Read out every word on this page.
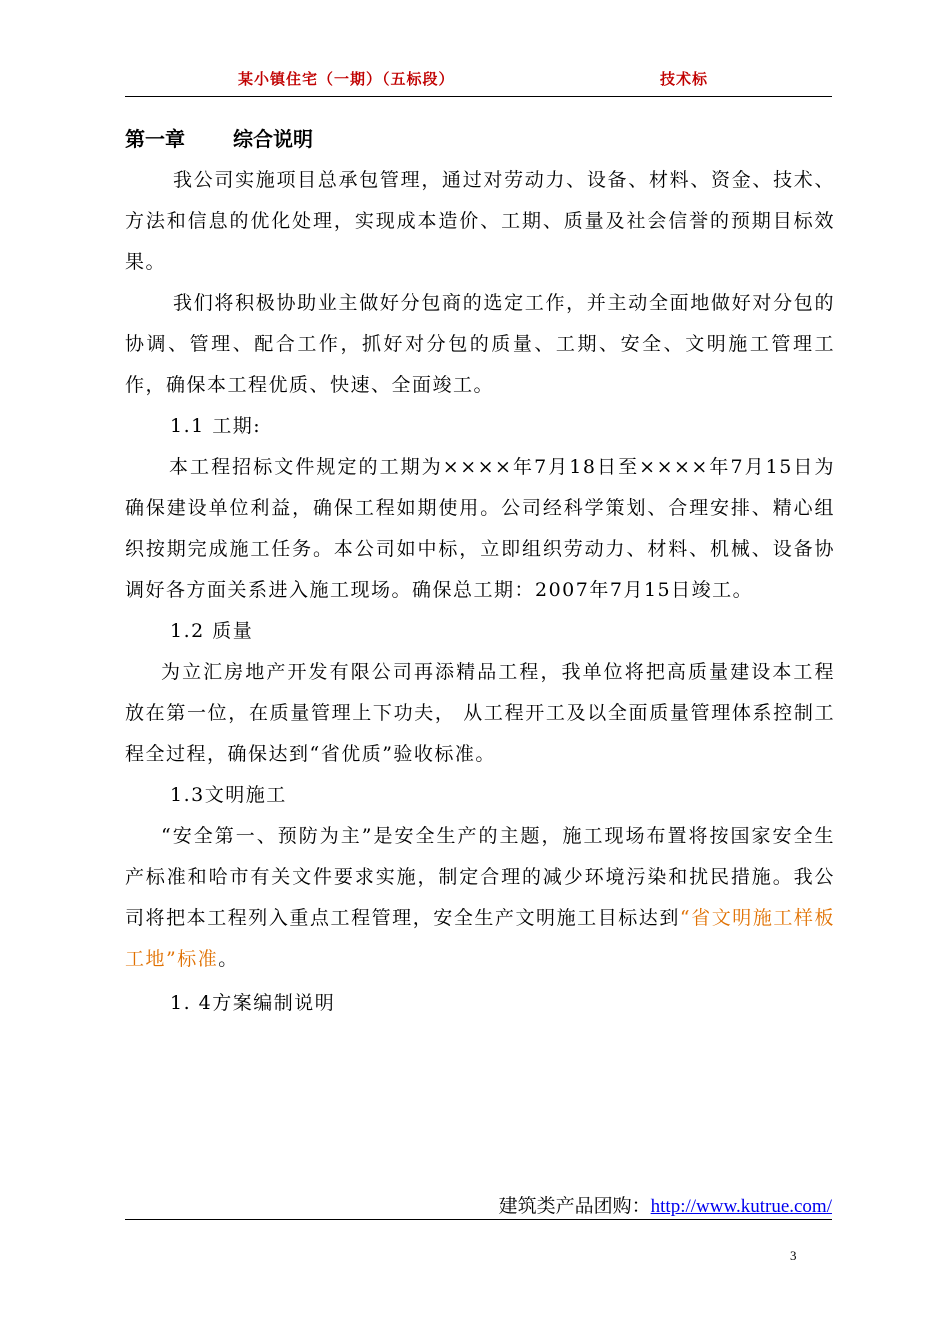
某小镇住宅（一期）（五标段）	技术标
第一章 综合说明

我公司实施项目总承包管理，通过对劳动力、设备、材料、资金、技术、方法和信息的优化处理，实现成本造价、工期、质量及社会信誉的预期目标效果。

我们将积极协助业主做好分包商的选定工作，并主动全面地做好对分包的协调、管理、配合工作，抓好对分包的质量、工期、安全、文明施工管理工作，确保本工程优质、快速、全面竣工。

1.1 工期:

本工程招标文件规定的工期为××××年7月18日至××××年7月15日为确保建设单位利益，确保工程如期使用。公司经科学策划、合理安排、精心组织按期完成施工任务。本公司如中标，立即组织劳动力、材料、机械、设备协调好各方面关系进入施工现场。确保总工期：2007年7月15日竣工。

1.2 质量

为立汇房地产开发有限公司再添精品工程，我单位将把高质量建设本工程放在第一位，在质量管理上下功夫， 从工程开工及以全面质量管理体系控制工程全过程，确保达到“省优质”验收标准。

1.3文明施工

“安全第一、预防为主”是安全生产的主题，施工现场布置将按国家安全生产标准和哈市有关文件要求实施，制定合理的减少环境污染和扰民措施。我公司将把本工程列入重点工程管理，安全生产文明施工目标达到“省文明施工样板工地”标准。

1. 4方案编制说明

建筑类产品团购：http://www.kutrue.com/
3
